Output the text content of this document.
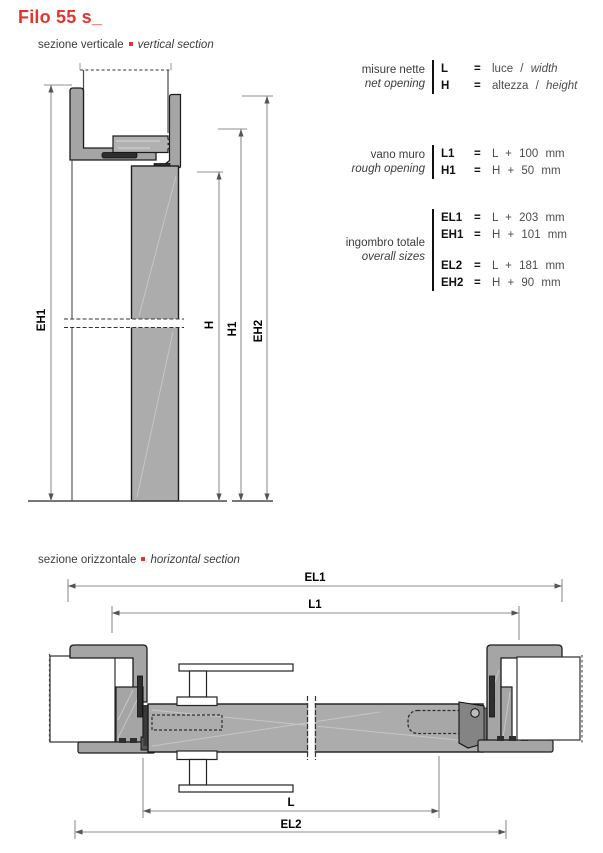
Filo 55 s_
sezione verticale vertical section
sezione orizzontale horizontal section
misure nette
net opening
L	= luce / width
H	= altezza / height
vano muro
rough opening
L1	= L + 100 mm
H1	= H + 50 mm
ingombro totale
overall sizes
EL1	= L + 203 mm
EH1 = H + 101 mm
EL2	= L + 181 mm
EH2 = H + 90 mm
EH1	H H1 EH2
EL1
L1
L
EL2
